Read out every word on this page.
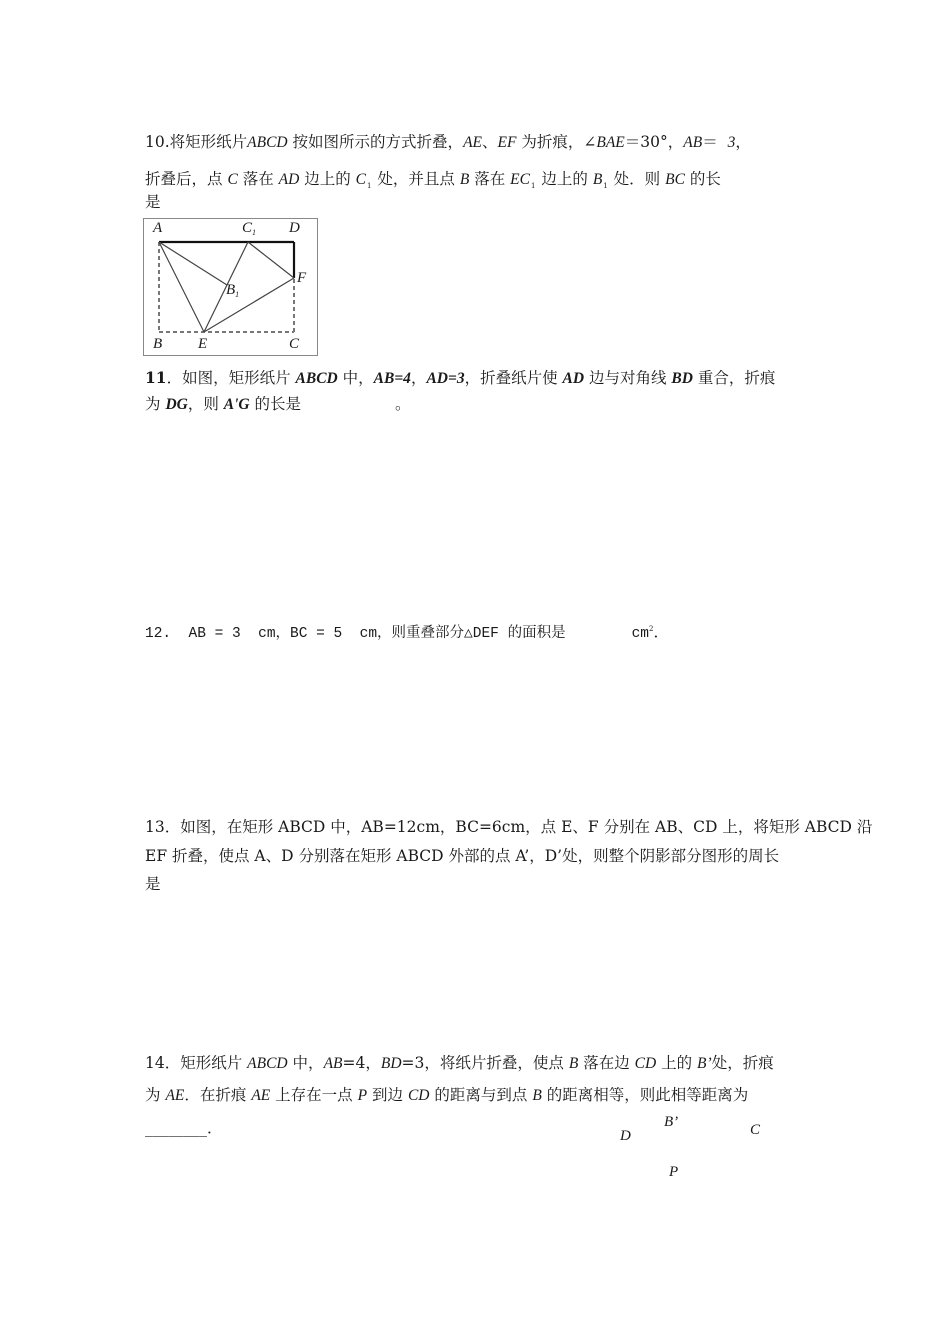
10.将矩形纸片ABCD 按如图所示的方式折叠，AE、EF 为折痕，∠BAE＝30°，AB＝  3，
折叠后，点 C 落在 AD 边上的 $C_1$ 处，并且点 B 落在 $EC_1$ 边上的 $B_1$ 处．则 BC 的长
是
A	$C_1$ D
F
$B_1$
B E	C
11．如图，矩形纸片 ABCD 中，AB=4，AD=3，折叠纸片使 AD 边与对角线 BD 重合，折痕
为 DG，则 A'G 的长是	。
12.  AB = 3  cm，BC = 5  cm，则重叠部分△DEF 的面积是	$cm^2$．
13．如图，在矩形 ABCD 中，AB=12cm，BC=6cm，点 E、F 分别在 AB、CD 上，将矩形 ABCD 沿
EF 折叠，使点 A、D 分别落在矩形 ABCD 外部的点 A’，D’处，则整个阴影部分图形的周长
是
14．矩形纸片 ABCD 中，AB=4，BD=3，将纸片折叠，使点 B 落在边 CD 上的 B’处，折痕
为 AE．在折痕 AE 上存在一点 P 到边 CD 的距离与到点 B 的距离相等，则此相等距离为
________．	D
B’	C
P
